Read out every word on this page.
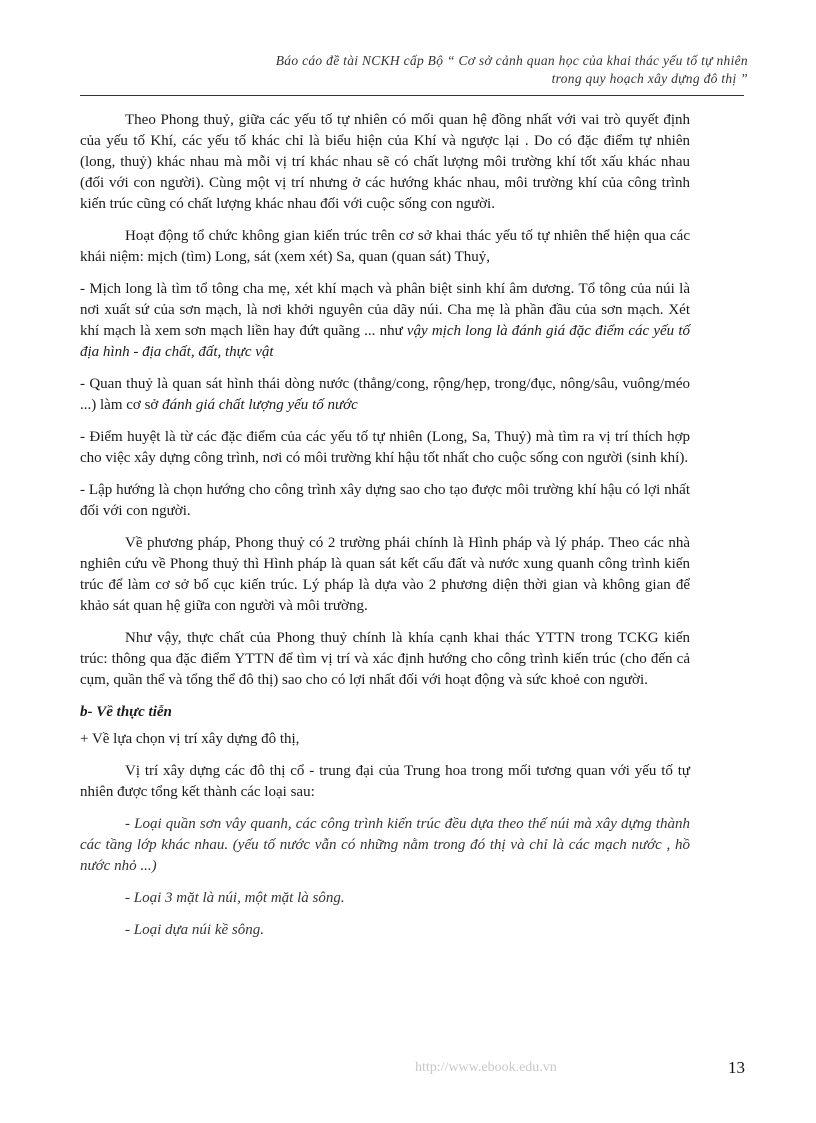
Báo cáo đề tài NCKH cấp Bộ “ Cơ sở cảnh quan học của khai thác yếu tố tự nhiên
trong quy hoạch xây dựng đô thị ”

Theo Phong thuỷ, giữa các yếu tố tự nhiên có mối quan hệ đồng nhất với vai trò quyết định của yếu tố Khí, các yếu tố khác chỉ là biểu hiện của Khí và ngược lại . Do có đặc điểm tự nhiên (long, thuỷ) khác nhau mà mỗi vị trí khác nhau sẽ có chất lượng môi trường khí tốt xấu khác nhau (đối với con người). Cùng một vị trí nhưng ở các hướng khác nhau, môi trường khí của công trình kiến trúc cũng có chất lượng khác nhau đối với cuộc sống con người.

Hoạt động tổ chức không gian kiến trúc trên cơ sở khai thác yếu tố tự nhiên thể hiện qua các khái niệm: mịch (tìm) Long, sát (xem xét) Sa, quan (quan sát) Thuỷ,

- Mịch long là tìm tổ tông cha mẹ, xét khí mạch và phân biệt sinh khí âm dương. Tổ tông của núi là nơi xuất sứ của sơn mạch, là nơi khởi nguyên của dãy núi. Cha mẹ là phần đầu của sơn mạch. Xét khí mạch là xem sơn mạch liền hay đứt quãng ... như vậy mịch long là đánh giá đặc điểm các yếu tố địa hình - địa chất, đất, thực vật

- Quan thuỷ là quan sát hình thái dòng nước (thẳng/cong, rộng/hẹp, trong/đục, nông/sâu, vuông/méo ...) làm cơ sở đánh giá chất lượng yếu tố nước

- Điểm huyệt là từ các đặc điểm của các yếu tố tự nhiên (Long, Sa, Thuỷ) mà tìm ra vị trí thích hợp cho việc xây dựng công trình, nơi có môi trường khí hậu tốt nhất cho cuộc sống con người (sinh khí).

- Lập hướng là chọn hướng cho công trình xây dựng sao cho tạo được môi trường khí hậu có lợi nhất đối với con người.

Về phương pháp, Phong thuỷ có 2 trường phái chính là Hình pháp và lý pháp. Theo các nhà nghiên cứu về Phong thuỷ thì Hình pháp là quan sát kết cấu đất và nước xung quanh công trình kiến trúc để làm cơ sở bố cục kiến trúc. Lý pháp là dựa vào 2 phương diện thời gian và không gian để khảo sát quan hệ giữa con người và môi trường.

Như vậy, thực chất của Phong thuỷ chính là khía cạnh khai thác YTTN trong TCKG kiến trúc: thông qua đặc điểm YTTN để tìm vị trí và xác định hướng cho công trình kiến trúc (cho đến cả cụm, quần thể và tổng thể đô thị) sao cho có lợi nhất đối với hoạt động và sức khoẻ con người.

b- Về thực tiễn

+ Về lựa chọn vị trí xây dựng đô thị,

Vị trí xây dựng các đô thị cổ - trung đại của Trung hoa trong mối tương quan với yếu tố tự nhiên được tổng kết thành các loại sau:

- Loại quần sơn vây quanh, các công trình kiến trúc đều dựa theo thế núi mà xây dựng thành các tầng lớp khác nhau. (yếu tố nước vẫn có những nằm trong đó thị và chỉ là các mạch nước , hồ nước nhỏ ...)

- Loại 3 mặt là núi, một mặt là sông.

- Loại dựa núi kề sông.

http://www.ebook.edu.vn	13
